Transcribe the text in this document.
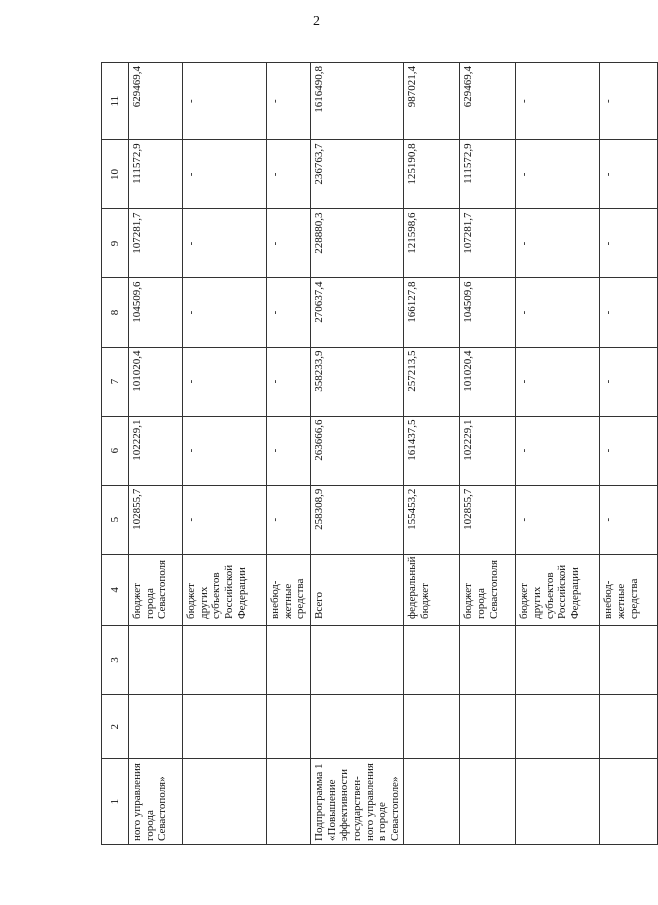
2
1	2	3	4	5	6	7	8	9	10	11
ного управления города Севастополя»			бюджет города Севастополя	102855,7	102229,1	101020,4	104509,6	107281,7	111572,9	629469,4
			бюджет других субъектов Российской Федерации	-	-	-	-	-	-	-
			внебюд-жетные средства	-	-	-	-	-	-	-
Подпрограмма 1 «Повышение эффективности государствен-ного управления в городе Севастополе»			Всего	258308,9	263666,6	358233,9	270637,4	228880,3	236763,7	1616490,8
			федеральный бюджет	155453,2	161437,5	257213,5	166127,8	121598,6	125190,8	987021,4
			бюджет города Севастополя	102855,7	102229,1	101020,4	104509,6	107281,7	111572,9	629469,4
			бюджет других субъектов Российской Федерации	-	-	-	-	-	-	-
			внебюд-жетные средства	-	-	-	-	-	-	-
